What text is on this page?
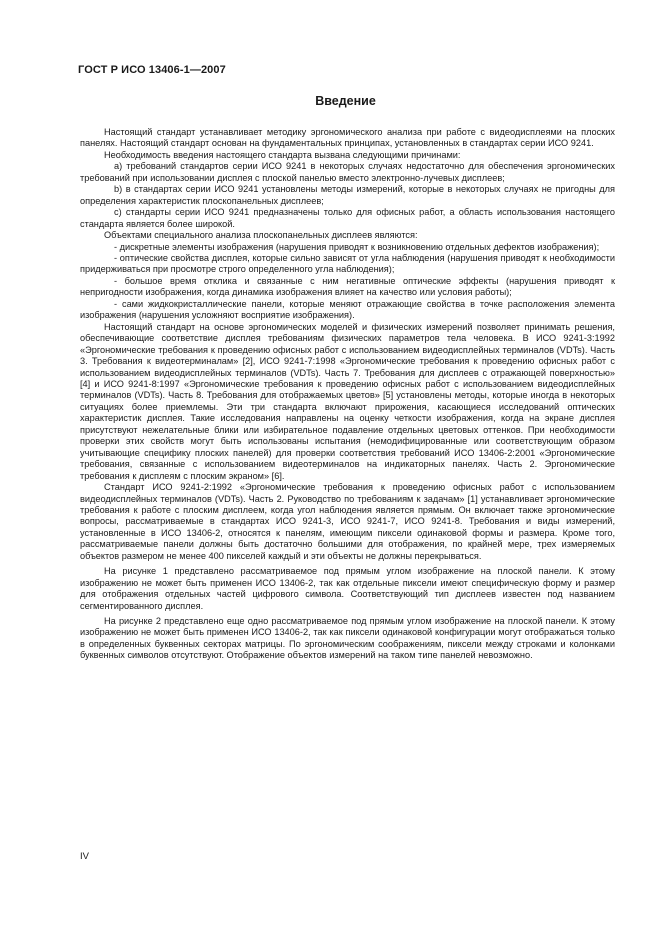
ГОСТ Р ИСО 13406-1—2007
Введение

Настоящий стандарт устанавливает методику эргономического анализа при работе с видеодисплеями на плоских панелях. Настоящий стандарт основан на фундаментальных принципах, установленных в стандартах серии ИСО 9241.

Необходимость введения настоящего стандарта вызвана следующими причинами:

а) требований стандартов серии ИСО 9241 в некоторых случаях недостаточно для обеспечения эргономических требований при использовании дисплея с плоской панелью вместо электронно-лучевых дисплеев;

b) в стандартах серии ИСО 9241 установлены методы измерений, которые в некоторых случаях не пригодны для определения характеристик плоскопанельных дисплеев;

с) стандарты серии ИСО 9241 предназначены только для офисных работ, а область использования настоящего стандарта является более широкой.

Объектами специального анализа плоскопанельных дисплеев являются:

- дискретные элементы изображения (нарушения приводят к возникновению отдельных дефектов изображения);

- оптические свойства дисплея, которые сильно зависят от угла наблюдения (нарушения приводят к необходимости придерживаться при просмотре строго определенного угла наблюдения);

- большое время отклика и связанные с ним негативные оптические эффекты (нарушения приводят к непригодности изображения, когда динамика изображения влияет на качество или условия работы);

- сами жидкокристаллические панели, которые меняют отражающие свойства в точке расположения элемента изображения (нарушения усложняют восприятие изображения).

Настоящий стандарт на основе эргономических моделей и физических измерений позволяет принимать решения, обеспечивающие соответствие дисплея требованиям физических параметров тела человека. В ИСО 9241-3:1992 «Эргономические требования к проведению офисных работ с использованием видеодисплейных терминалов (VDTs). Часть 3. Требования к видеотерминалам» [2], ИСО 9241-7:1998 «Эргономические требования к проведению офисных работ с использованием видеодисплейных терминалов (VDTs). Часть 7. Требования для дисплеев с отражающей поверхностью» [4] и ИСО 9241-8:1997 «Эргономические требования к проведению офисных работ с использованием видеодисплейных терминалов (VDTs). Часть 8. Требования для отображаемых цветов» [5] установлены методы, которые иногда в некоторых ситуациях более приемлемы. Эти три стандарта включают прирожения, касающиеся исследований оптических характеристик дисплея. Такие исследования направлены на оценку четкости изображения, когда на экране дисплея присутствуют нежелательные блики или избирательное подавление отдельных цветовых оттенков. При необходимости проверки этих свойств могут быть использованы испытания (немодифицированные или соответствующим образом учитывающие специфику плоских панелей) для проверки соответствия требований ИСО 13406-2:2001 «Эргономические требования, связанные с использованием видеотерминалов на индикаторных панелях. Часть 2. Эргономические требования к дисплеям с плоским экраном» [6].

Стандарт ИСО 9241-2:1992 «Эргономические требования к проведению офисных работ с использованием видеодисплейных терминалов (VDTs). Часть 2. Руководство по требованиям к задачам» [1] устанавливает эргономические требования к работе с плоским дисплеем, когда угол наблюдения является прямым. Он включает также эргономические вопросы, рассматриваемые в стандартах ИСО 9241-3, ИСО 9241-7, ИСО 9241-8. Требования и виды измерений, установленные в ИСО 13406-2, относятся к панелям, имеющим пиксели одинаковой формы и размера. Кроме того, рассматриваемые панели должны быть достаточно большими для отображения, по крайней мере, трех измеряемых объектов размером не менее 400 пикселей каждый и эти объекты не должны перекрываться.

На рисунке 1 представлено рассматриваемое под прямым углом изображение на плоской панели. К этому изображению не может быть применен ИСО 13406-2, так как отдельные пиксели имеют специфическую форму и размер для отображения отдельных частей цифрового символа. Соответствующий тип дисплеев известен под названием сегментированного дисплея.

На рисунке 2 представлено еще одно рассматриваемое под прямым углом изображение на плоской панели. К этому изображению не может быть применен ИСО 13406-2, так как пиксели одинаковой конфигурации могут отображаться только в определенных буквенных секторах матрицы. По эргономическим соображениям, пиксели между строками и колонками буквенных символов отсутствуют. Отображение объектов измерений на таком типе панелей невозможно.

IV
